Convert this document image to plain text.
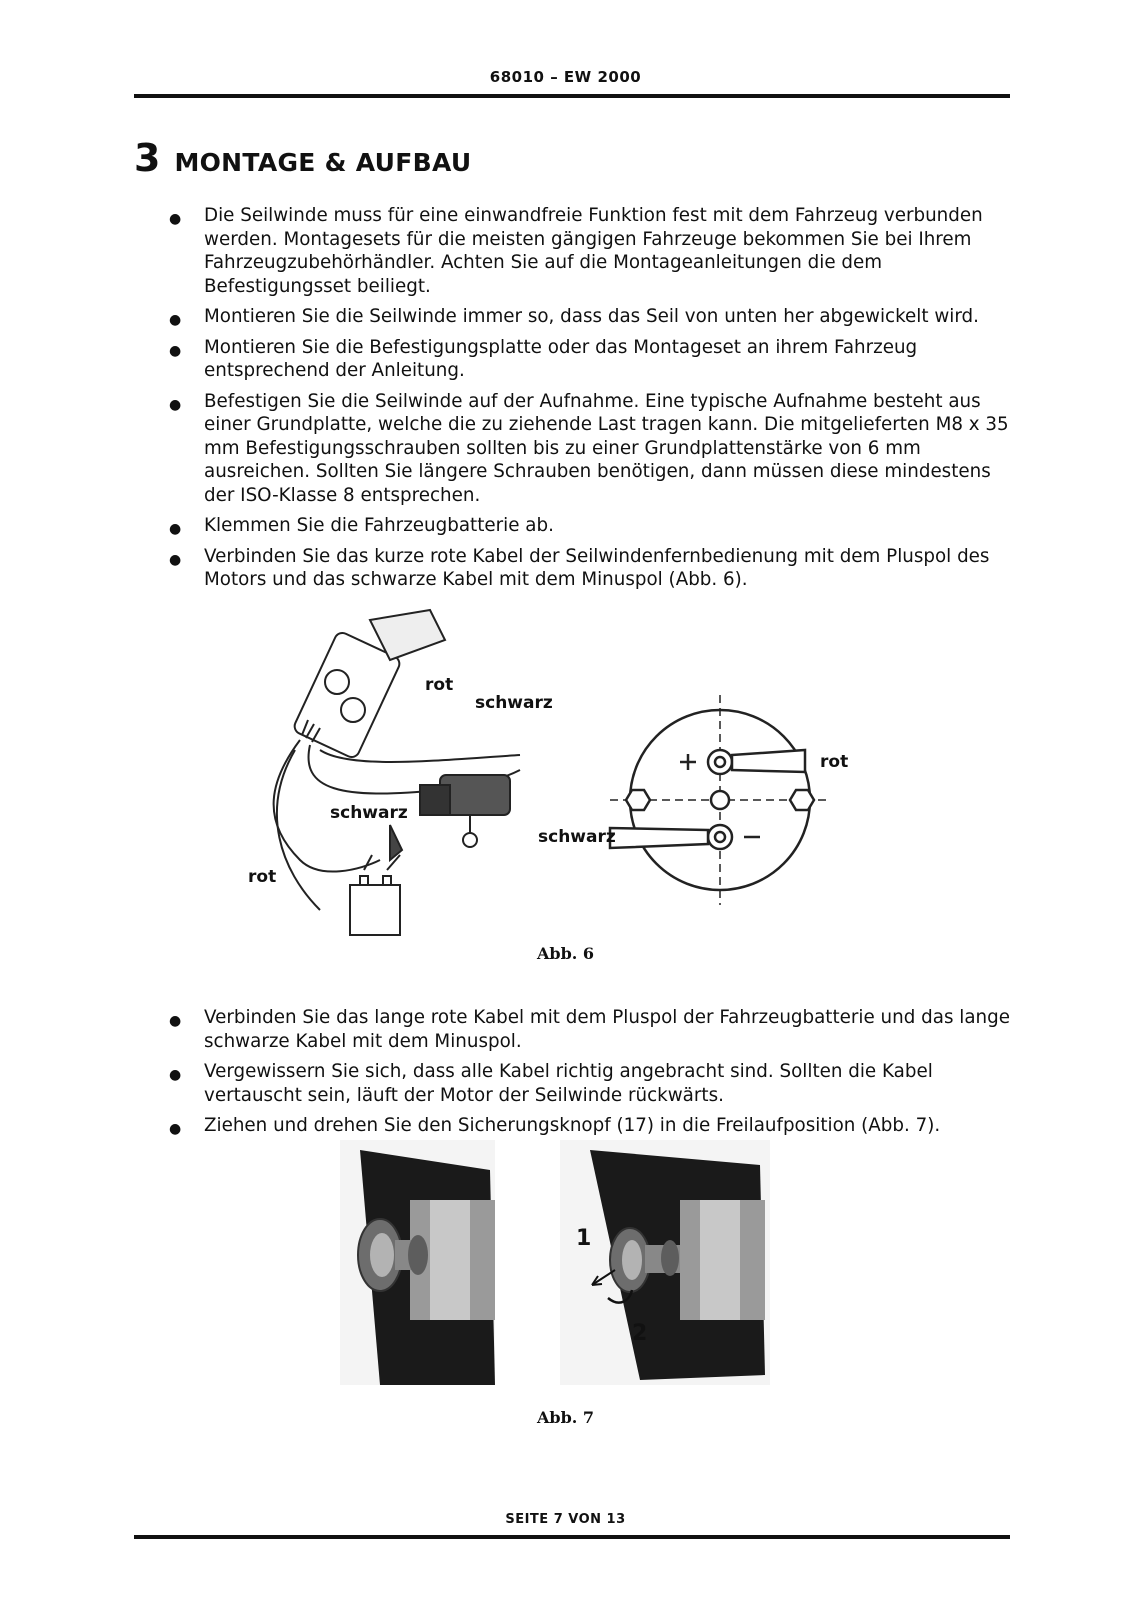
68010 – EW 2000
3 MONTAGE & AUFBAU
● Die Seilwinde muss für eine einwandfreie Funktion fest mit dem Fahrzeug verbunden werden. Montagesets für die meisten gängigen Fahrzeuge bekommen Sie bei Ihrem Fahrzeugzubehörhändler. Achten Sie auf die Montageanleitungen die dem Befestigungsset beiliegt.
● Montieren Sie die Seilwinde immer so, dass das Seil von unten her abgewickelt wird.
● Montieren Sie die Befestigungsplatte oder das Montageset an ihrem Fahrzeug entsprechend der Anleitung.
● Befestigen Sie die Seilwinde auf der Aufnahme. Eine typische Aufnahme besteht aus einer Grundplatte, welche die zu ziehende Last tragen kann. Die mitgelieferten M8 x 35 mm Befestigungsschrauben sollten bis zu einer Grundplattenstärke von 6 mm ausreichen. Sollten Sie längere Schrauben benötigen, dann müssen diese mindestens der ISO-Klasse 8 entsprechen.
● Klemmen Sie die Fahrzeugbatterie ab.
● Verbinden Sie das kurze rote Kabel der Seilwindenfernbedienung mit dem Pluspol des Motors und das schwarze Kabel mit dem Minuspol (Abb. 6).
rot
schwarz
schwarz
rot
rot
schwarz
Abb. 6
● Verbinden Sie das lange rote Kabel mit dem Pluspol der Fahrzeugbatterie und das lange schwarze Kabel mit dem Minuspol.
● Vergewissern Sie sich, dass alle Kabel richtig angebracht sind. Sollten die Kabel vertauscht sein, läuft der Motor der Seilwinde rückwärts.
● Ziehen und drehen Sie den Sicherungsknopf (17) in die Freilaufposition (Abb. 7).
1
2
Abb. 7
SEITE 7 VON 13
